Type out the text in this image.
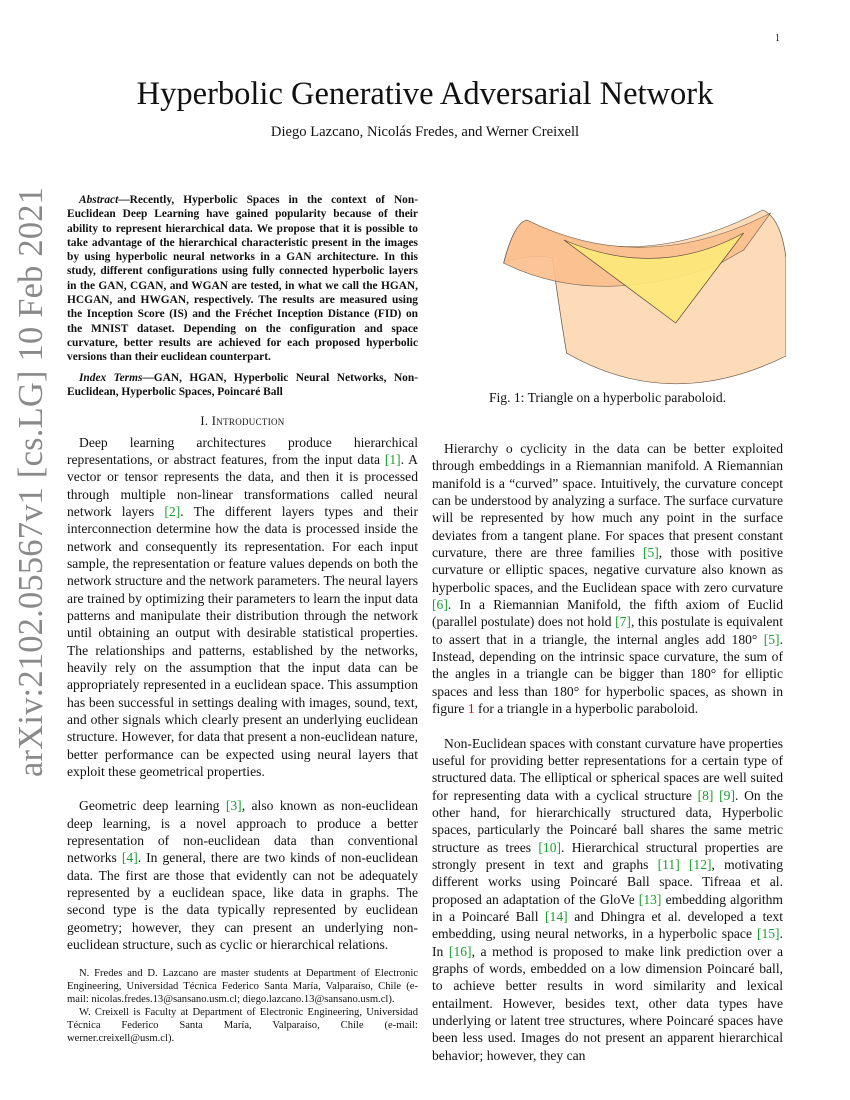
1
Hyperbolic Generative Adversarial Network
Diego Lazcano, Nicolás Fredes, and Werner Creixell
arXiv:2102.05567v1 [cs.LG] 10 Feb 2021	Abstract—Recently, Hyperbolic Spaces in the context of Non-Euclidean Deep Learning have gained popularity because of their ability to represent hierarchical data. We propose that it is possible to take advantage of the hierarchical characteristic present in the images by using hyperbolic neural networks in a GAN architecture. In this study, different configurations using fully connected hyperbolic layers in the GAN, CGAN, and WGAN are tested, in what we call the HGAN, HCGAN, and HWGAN, respectively. The results are measured using the Inception Score (IS) and the Fréchet Inception Distance (FID) on the MNIST dataset. Depending on the configuration and space curvature, better results are achieved for each proposed hyperbolic versions than their euclidean counterpart.

Index Terms—GAN, HGAN, Hyperbolic Neural Networks, Non-Euclidean, Hyperbolic Spaces, Poincaré Ball

I. Introduction

Deep learning architectures produce hierarchical representations, or abstract features, from the input data [1]. A vector or tensor represents the data, and then it is processed through multiple non-linear transformations called neural network layers [2]. The different layers types and their interconnection determine how the data is processed inside the network and consequently its representation. For each input sample, the representation or feature values depends on both the network structure and the network parameters. The neural layers are trained by optimizing their parameters to learn the input data patterns and manipulate their distribution through the network until obtaining an output with desirable statistical properties. The relationships and patterns, established by the networks, heavily rely on the assumption that the input data can be appropriately represented in a euclidean space. This assumption has been successful in settings dealing with images, sound, text, and other signals which clearly present an underlying euclidean structure. However, for data that present a non-euclidean nature, better performance can be expected using neural layers that exploit these geometrical properties.

Geometric deep learning [3], also known as non-euclidean deep learning, is a novel approach to produce a better representation of non-euclidean data than conventional networks [4]. In general, there are two kinds of non-euclidean data. The first are those that evidently can not be adequately represented by a euclidean space, like data in graphs. The second type is the data typically represented by euclidean geometry; however, they can present an underlying non-euclidean structure, such as cyclic or hierarchical relations.

N. Fredes and D. Lazcano are master students at Department of Electronic Engineering, Universidad Técnica Federico Santa María, Valparaíso, Chile (e-mail: nicolas.fredes.13@sansano.usm.cl; diego.lazcano.13@sansano.usm.cl).

W. Creixell is Faculty at Department of Electronic Engineering, Universidad Técnica Federico Santa María, Valparaíso, Chile (e-mail: werner.creixell@usm.cl).

Fig. 1: Triangle on a hyperbolic paraboloid.

Hierarchy o cyclicity in the data can be better exploited through embeddings in a Riemannian manifold. A Riemannian manifold is a “curved” space. Intuitively, the curvature concept can be understood by analyzing a surface. The surface curvature will be represented by how much any point in the surface deviates from a tangent plane. For spaces that present constant curvature, there are three families [5], those with positive curvature or elliptic spaces, negative curvature also known as hyperbolic spaces, and the Euclidean space with zero curvature [6]. In a Riemannian Manifold, the fifth axiom of Euclid (parallel postulate) does not hold [7], this postulate is equivalent to assert that in a triangle, the internal angles add 180° [5]. Instead, depending on the intrinsic space curvature, the sum of the angles in a triangle can be bigger than 180° for elliptic spaces and less than 180° for hyperbolic spaces, as shown in figure 1 for a triangle in a hyperbolic paraboloid.

Non-Euclidean spaces with constant curvature have properties useful for providing better representations for a certain type of structured data. The elliptical or spherical spaces are well suited for representing data with a cyclical structure [8] [9]. On the other hand, for hierarchically structured data, Hyperbolic spaces, particularly the Poincaré ball shares the same metric structure as trees [10]. Hierarchical structural properties are strongly present in text and graphs [11] [12], motivating different works using Poincaré Ball space. Tifreaa et al. proposed an adaptation of the GloVe [13] embedding algorithm in a Poincaré Ball [14] and Dhingra et al. developed a text embedding, using neural networks, in a hyperbolic space [15]. In [16], a method is proposed to make link prediction over a graphs of words, embedded on a low dimension Poincaré ball, to achieve better results in word similarity and lexical entailment. However, besides text, other data types have underlying or latent tree structures, where Poincaré spaces have been less used. Images do not present an apparent hierarchical behavior; however, they can
